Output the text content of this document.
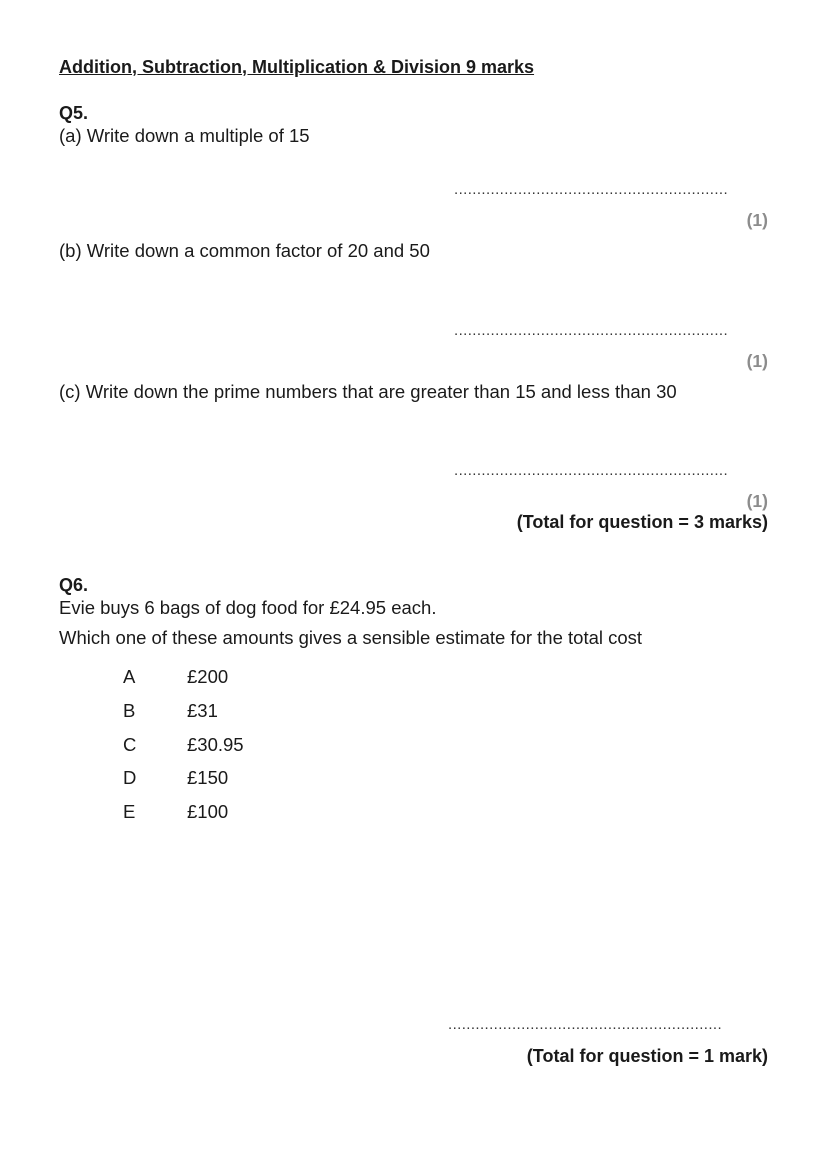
Addition, Subtraction, Multiplication & Division 9 marks
Q5.
(a) Write down a multiple of 15
............................................................
(1)
(b) Write down a common factor of 20 and 50
............................................................
(1)
(c) Write down the prime numbers that are greater than 15 and less than 30
............................................................
(1)
(Total for question = 3 marks)
Q6.
Evie buys 6 bags of dog food for £24.95 each.
Which one of these amounts gives a sensible estimate for the total cost
A	£200
B	£31
C	£30.95
D	£150
E	£100
............................................................
(Total for question = 1 mark)
